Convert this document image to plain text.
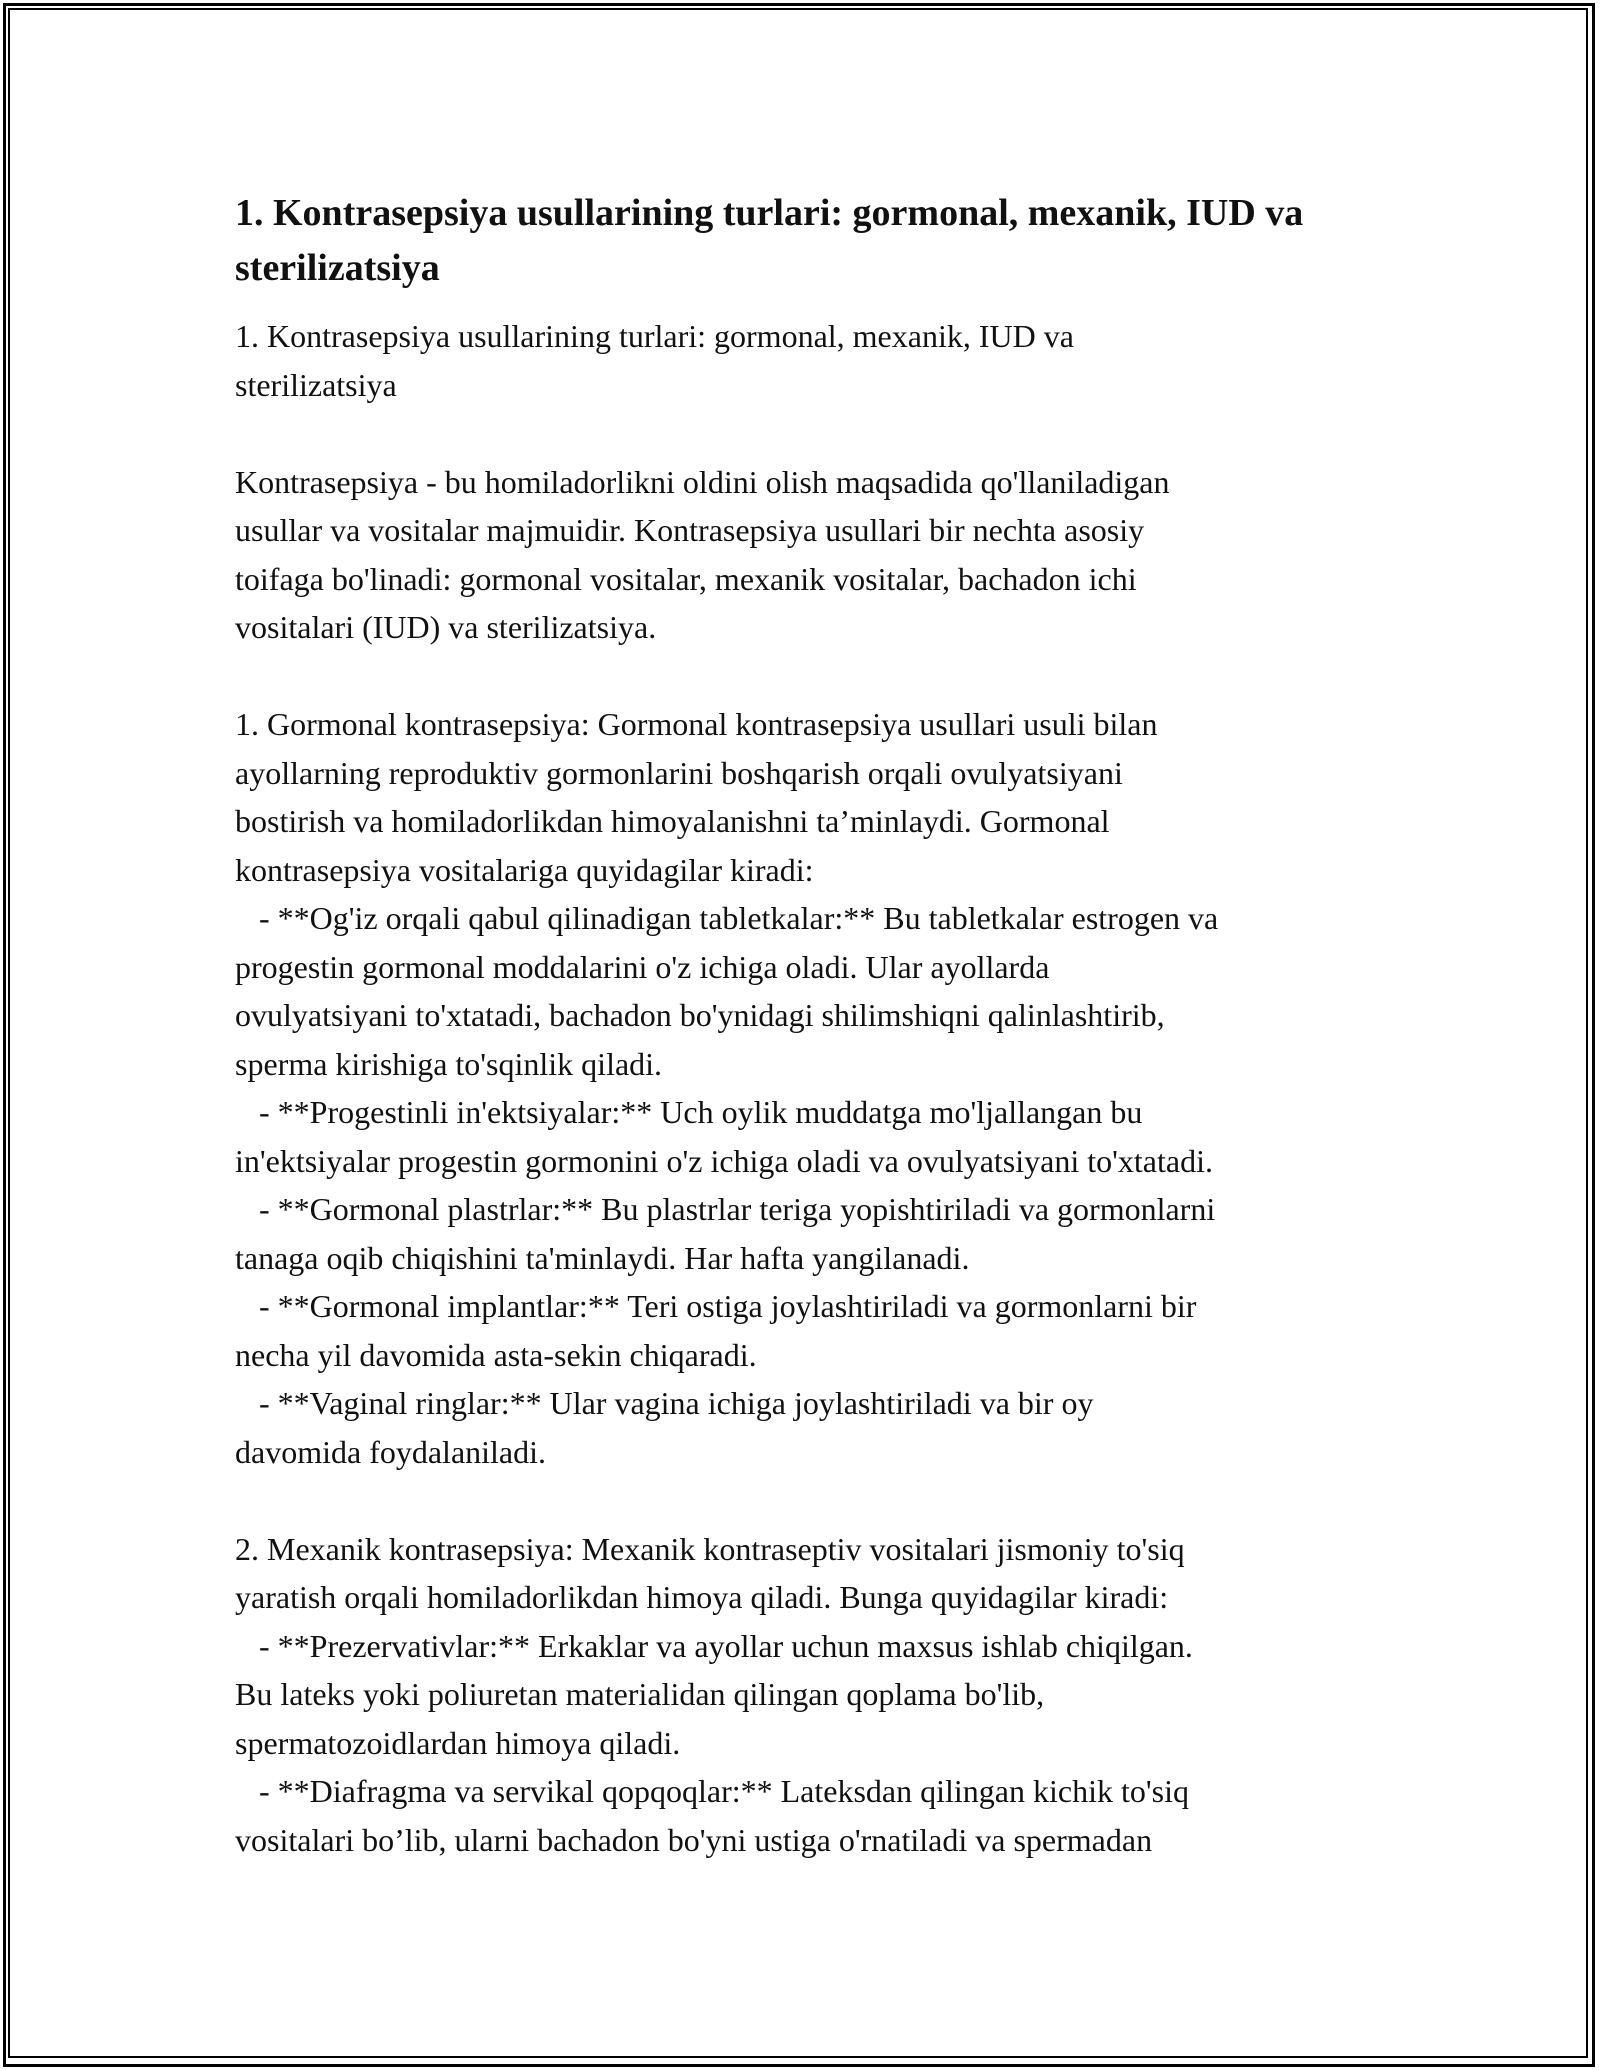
1. Kontrasepsiya usullarining turlari: gormonal, mexanik, IUD va sterilizatsiya
1. Kontrasepsiya usullarining turlari: gormonal, mexanik, IUD va
sterilizatsiya

Kontrasepsiya - bu homiladorlikni oldini olish maqsadida qo'llaniladigan
usullar va vositalar majmuidir. Kontrasepsiya usullari bir nechta asosiy
toifaga bo'linadi: gormonal vositalar, mexanik vositalar, bachadon ichi
vositalari (IUD) va sterilizatsiya.

1. Gormonal kontrasepsiya: Gormonal kontrasepsiya usullari usuli bilan
ayollarning reproduktiv gormonlarini boshqarish orqali ovulyatsiyani
bostirish va homiladorlikdan himoyalanishni ta’minlaydi. Gormonal
kontrasepsiya vositalariga quyidagilar kiradi:
- **Og'iz orqali qabul qilinadigan tabletkalar:** Bu tabletkalar estrogen va
progestin gormonal moddalarini o'z ichiga oladi. Ular ayollarda
ovulyatsiyani to'xtatadi, bachadon bo'ynidagi shilimshiqni qalinlashtirib,
sperma kirishiga to'sqinlik qiladi.
- **Progestinli in'ektsiyalar:** Uch oylik muddatga mo'ljallangan bu
in'ektsiyalar progestin gormonini o'z ichiga oladi va ovulyatsiyani to'xtatadi.
- **Gormonal plastrlar:** Bu plastrlar teriga yopishtiriladi va gormonlarni
tanaga oqib chiqishini ta'minlaydi. Har hafta yangilanadi.
- **Gormonal implantlar:** Teri ostiga joylashtiriladi va gormonlarni bir
necha yil davomida asta-sekin chiqaradi.
- **Vaginal ringlar:** Ular vagina ichiga joylashtiriladi va bir oy
davomida foydalaniladi.

2. Mexanik kontrasepsiya: Mexanik kontraseptiv vositalari jismoniy to'siq
yaratish orqali homiladorlikdan himoya qiladi. Bunga quyidagilar kiradi:
- **Prezervativlar:** Erkaklar va ayollar uchun maxsus ishlab chiqilgan.
Bu lateks yoki poliuretan materialidan qilingan qoplama bo'lib,
spermatozoidlardan himoya qiladi.
- **Diafragma va servikal qopqoqlar:** Lateksdan qilingan kichik to'siq
vositalari bo’lib, ularni bachadon bo'yni ustiga o'rnatiladi va spermadan
